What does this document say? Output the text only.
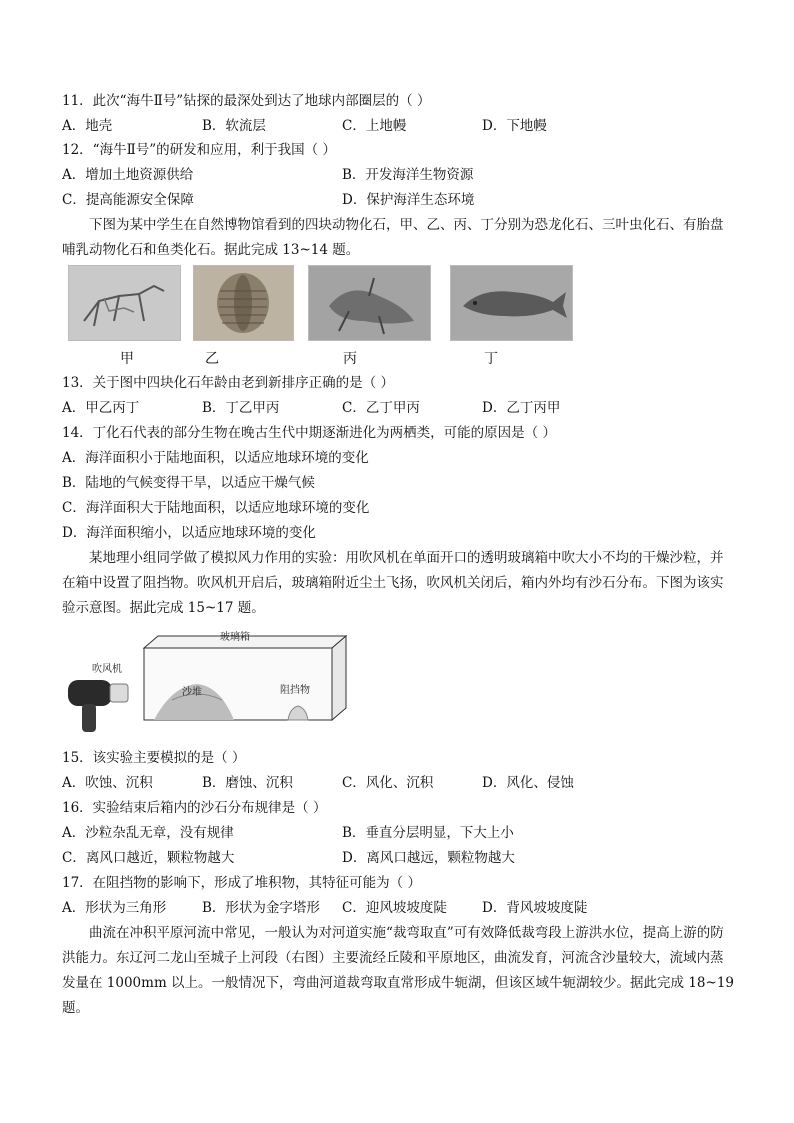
11．此次“海牛Ⅱ号”钻探的最深处到达了地球内部圈层的（ ）
A．地壳	B．软流层	C．上地幔	D．下地幔
12．“海牛Ⅱ号”的研发和应用，利于我国（ ）
A．增加土地资源供给	B．开发海洋生物资源
C．提高能源安全保障	D．保护海洋生态环境
下图为某中学生在自然博物馆看到的四块动物化石，甲、乙、丙、丁分别为恐龙化石、三叶虫化石、有胎盘哺乳动物化石和鱼类化石。据此完成 13~14 题。
甲	乙	丙	丁
13．关于图中四块化石年龄由老到新排序正确的是（ ）
A．甲乙丙丁	B．丁乙甲丙	C．乙丁甲丙	D．乙丁丙甲
14．丁化石代表的部分生物在晚古生代中期逐渐进化为两栖类，可能的原因是（ ）
A．海洋面积小于陆地面积，以适应地球环境的变化
B．陆地的气候变得干旱，以适应干燥气候
C．海洋面积大于陆地面积，以适应地球环境的变化
D．海洋面积缩小，以适应地球环境的变化
某地理小组同学做了模拟风力作用的实验：用吹风机在单面开口的透明玻璃箱中吹大小不均的干燥沙粒，并在箱中设置了阻挡物。吹风机开启后，玻璃箱附近尘土飞扬，吹风机关闭后，箱内外均有沙石分布。下图为该实验示意图。据此完成 15~17 题。
玻璃箱
吹风机
沙堆	阻挡物
15．该实验主要模拟的是（ ）
A．吹蚀、沉积	B．磨蚀、沉积	C．风化、沉积	D．风化、侵蚀
16．实验结束后箱内的沙石分布规律是（ ）
A．沙粒杂乱无章，没有规律	B．垂直分层明显，下大上小
C．离风口越近，颗粒物越大	D．离风口越远，颗粒物越大
17．在阻挡物的影响下，形成了堆积物，其特征可能为（ ）
A．形状为三角形	B．形状为金字塔形 C．迎风坡坡度陡	D．背风坡坡度陡
曲流在冲积平原河流中常见，一般认为对河道实施“裁弯取直”可有效降低裁弯段上游洪水位，提高上游的防洪能力。东辽河二龙山至城子上河段（右图）主要流经丘陵和平原地区，曲流发育，河流含沙量较大，流域内蒸发量在 1000mm 以上。一般情况下，弯曲河道裁弯取直常形成牛轭湖，但该区域牛轭湖较少。据此完成 18~19 题。
